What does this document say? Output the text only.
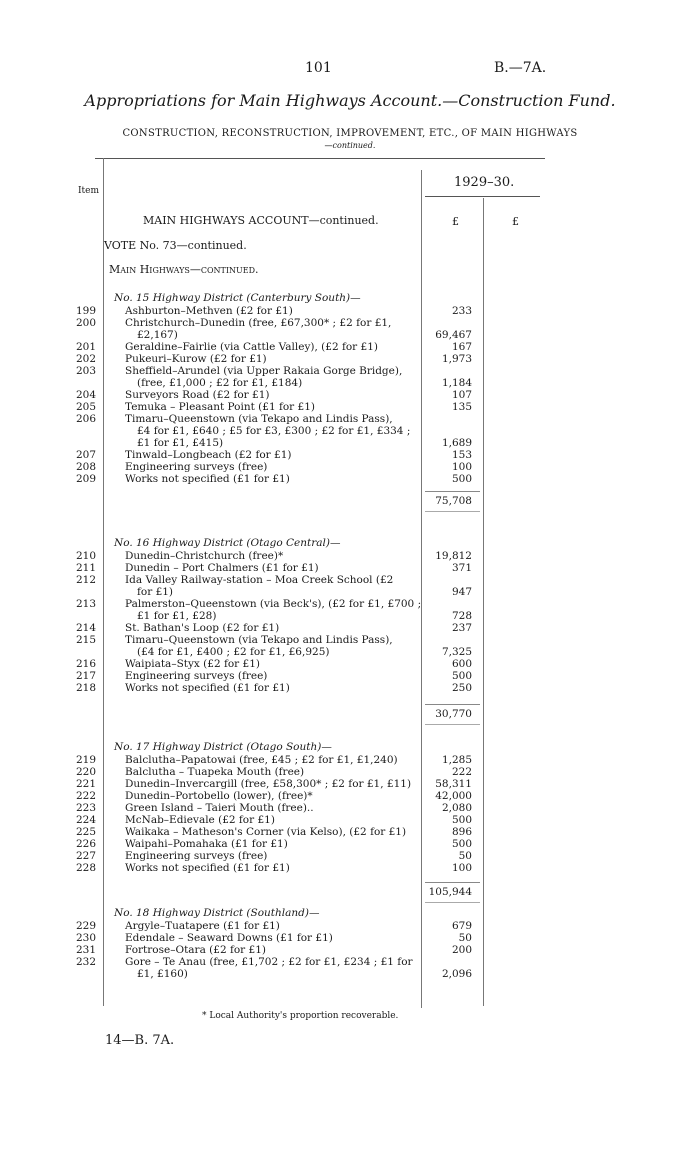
101	B.—7A.
Appropriations for Main Highways Account.—Construction Fund.
CONSTRUCTION, RECONSTRUCTION, IMPROVEMENT, ETC., OF MAIN HIGHWAYS
—continued.
Item
1929–30.
£	£
MAIN HIGHWAYS ACCOUNT—continued.
VOTE No. 73—continued.
Main Highways—continued.
No. 15 Highway District (Canterbury South)—
199	Ashburton–Methven (£2 for £1)	233
200	Christchurch–Dunedin (free, £67,300* ; £2 for £1,
£2,167)	69,467
201	Geraldine–Fairlie (via Cattle Valley), (£2 for £1)	167
202	Pukeuri–Kurow (£2 for £1)	1,973
203	Sheffield–Arundel (via Upper Rakaia Gorge Bridge),
(free, £1,000 ; £2 for £1, £184)	1,184
204	Surveyors Road (£2 for £1)	107
205	Temuka – Pleasant Point (£1 for £1)	135
206	Timaru–Queenstown (via Tekapo and Lindis Pass),
£4 for £1, £640 ; £5 for £3, £300 ; £2 for £1, £334 ;
£1 for £1, £415)	1,689
207	Tinwald–Longbeach (£2 for £1)	153
208	Engineering surveys (free)	100
209	Works not specified (£1 for £1)	500
75,708
No. 16 Highway District (Otago Central)—
210	Dunedin–Christchurch (free)*	19,812
211	Dunedin – Port Chalmers (£1 for £1)	371
212	Ida Valley Railway-station – Moa Creek School (£2
for £1)	947
213	Palmerston–Queenstown (via Beck's), (£2 for £1, £700 ;
£1 for £1, £28)	728
214	St. Bathan's Loop (£2 for £1)	237
215	Timaru–Queenstown (via Tekapo and Lindis Pass),
(£4 for £1, £400 ; £2 for £1, £6,925)	7,325
216	Waipiata–Styx (£2 for £1)	600
217	Engineering surveys (free)	500
218	Works not specified (£1 for £1)	250
30,770
No. 17 Highway District (Otago South)—
219	Balclutha–Papatowai (free, £45 ; £2 for £1, £1,240)	1,285
220	Balclutha – Tuapeka Mouth (free)	222
221	Dunedin–Invercargill (free, £58,300* ; £2 for £1, £11)	58,311
222	Dunedin–Portobello (lower), (free)*	42,000
223	Green Island – Taieri Mouth (free)..	2,080
224	McNab–Edievale (£2 for £1)	500
225	Waikaka – Matheson's Corner (via Kelso), (£2 for £1)	896
226	Waipahi–Pomahaka (£1 for £1)	500
227	Engineering surveys (free)	50
228	Works not specified (£1 for £1)	100
105,944
No. 18 Highway District (Southland)—
229	Argyle–Tuatapere (£1 for £1)	679
230	Edendale – Seaward Downs (£1 for £1)	50
231	Fortrose–Otara (£2 for £1)	200
232	Gore – Te Anau (free, £1,702 ; £2 for £1, £234 ; £1 for
£1, £160)	2,096
* Local Authority's proportion recoverable.
14—B. 7A.
